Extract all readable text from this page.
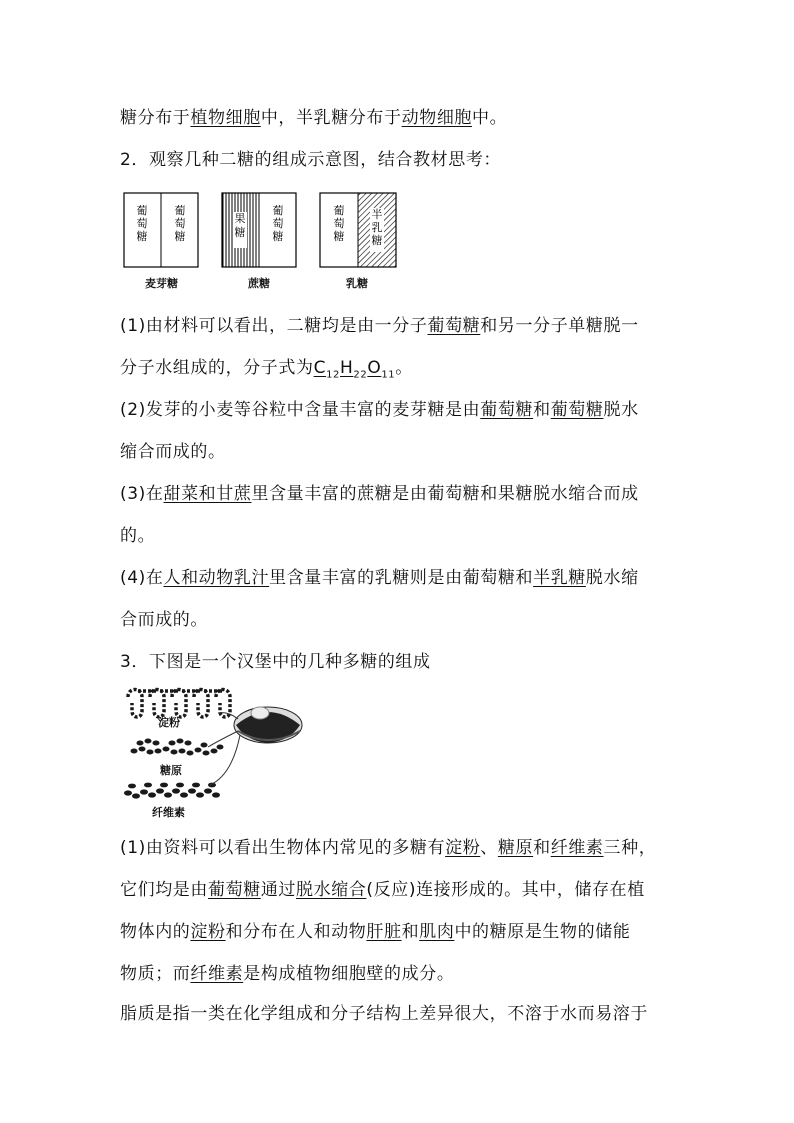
糖分布于植物细胞中，半乳糖分布于动物细胞中。
2．观察几种二糖的组成示意图，结合教材思考：
葡萄糖
葡萄糖
果糖
葡萄糖
葡萄糖
半乳糖
麦芽糖	蔗糖	乳糖
(1)由材料可以看出，二糖均是由一分子葡萄糖和另一分子单糖脱一
分子水组成的，分子式为$C_{12}H_{22}O_{11}$。
(2)发芽的小麦等谷粒中含量丰富的麦芽糖是由葡萄糖和葡萄糖脱水
缩合而成的。
(3)在甜菜和甘蔗里含量丰富的蔗糖是由葡萄糖和果糖脱水缩合而成
的。
(4)在人和动物乳汁里含量丰富的乳糖则是由葡萄糖和半乳糖脱水缩
合而成的。
3．下图是一个汉堡中的几种多糖的组成
淀粉
糖原
纤维素
(1)由资料可以看出生物体内常见的多糖有淀粉、糖原和纤维素三种，
它们均是由葡萄糖通过脱水缩合(反应)连接形成的。其中，储存在植
物体内的淀粉和分布在人和动物肝脏和肌肉中的糖原是生物的储能
物质；而纤维素是构成植物细胞壁的成分。
脂质是指一类在化学组成和分子结构上差异很大，不溶于水而易溶于
